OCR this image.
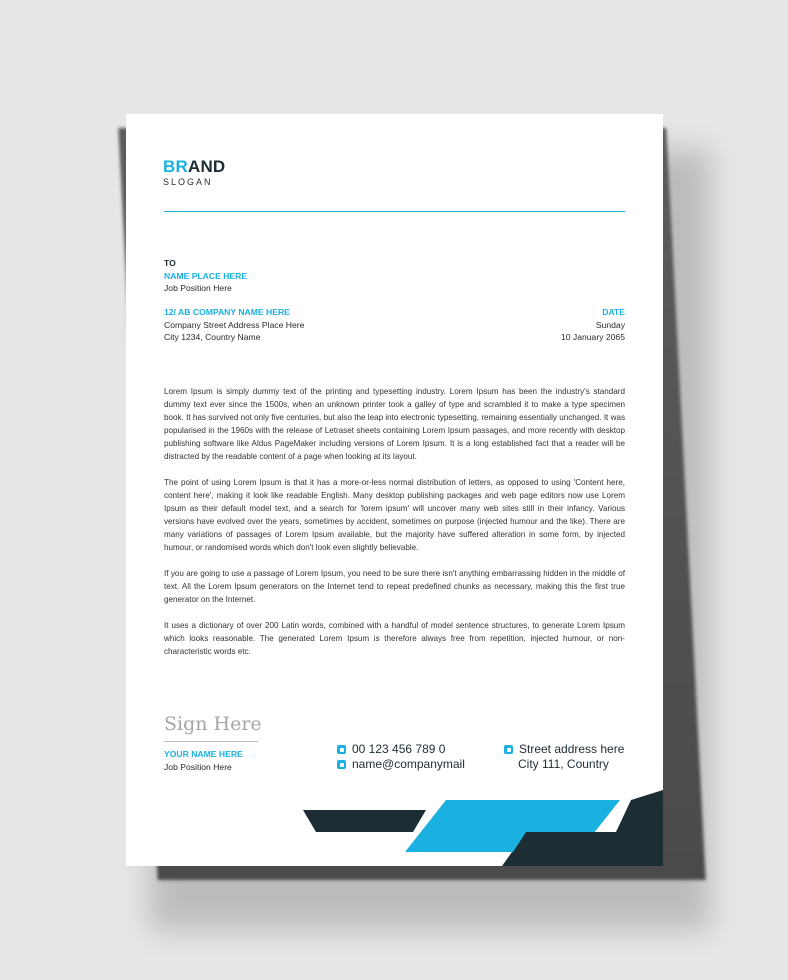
BRAND
SLOGAN
TO
NAME PLACE HERE
Job Position Here
12/ AB COMPANY NAME HERE
Company Street Address Place Here
City 1234, Country Name
DATE
Sunday
10 January 2065

Lorem Ipsum is simply dummy text of the printing and typesetting industry. Lorem Ipsum has been the industry's standard dummy text ever since the 1500s, when an unknown printer took a galley of type and scrambled it to make a type specimen book. It has survived not only five centuries, but also the leap into electronic typesetting, remaining essentially unchanged. It was popularised in the 1960s with the release of Letraset sheets containing Lorem Ipsum passages, and more recently with desktop publishing software like Aldus PageMaker including versions of Lorem Ipsum. It is a long established fact that a reader will be distracted by the readable content of a page when looking at its layout.

The point of using Lorem Ipsum is that it has a more-or-less normal distribution of letters, as opposed to using 'Content here, content here', making it look like readable English. Many desktop publishing packages and web page editors now use Lorem Ipsum as their default model text, and a search for 'lorem ipsum' will uncover many web sites still in their infancy. Various versions have evolved over the years, sometimes by accident, sometimes on purpose (injected humour and the like). There are many variations of passages of Lorem Ipsum available, but the majority have suffered alteration in some form, by injected humour, or randomised words which don't look even slightly believable.

If you are going to use a passage of Lorem Ipsum, you need to be sure there isn't anything embarrassing hidden in the middle of text. All the Lorem Ipsum generators on the Internet tend to repeat predefined chunks as necessary, making this the first true generator on the Internet.

It uses a dictionary of over 200 Latin words, combined with a handful of model sentence structures, to generate Lorem Ipsum which looks reasonable. The generated Lorem Ipsum is therefore always free from repetition, injected humour, or non-characteristic words etc.

Sign Here
YOUR NAME HERE
Job Position Here
00 123 456 789 0
name@companymail
Street address here
City 111, Country
